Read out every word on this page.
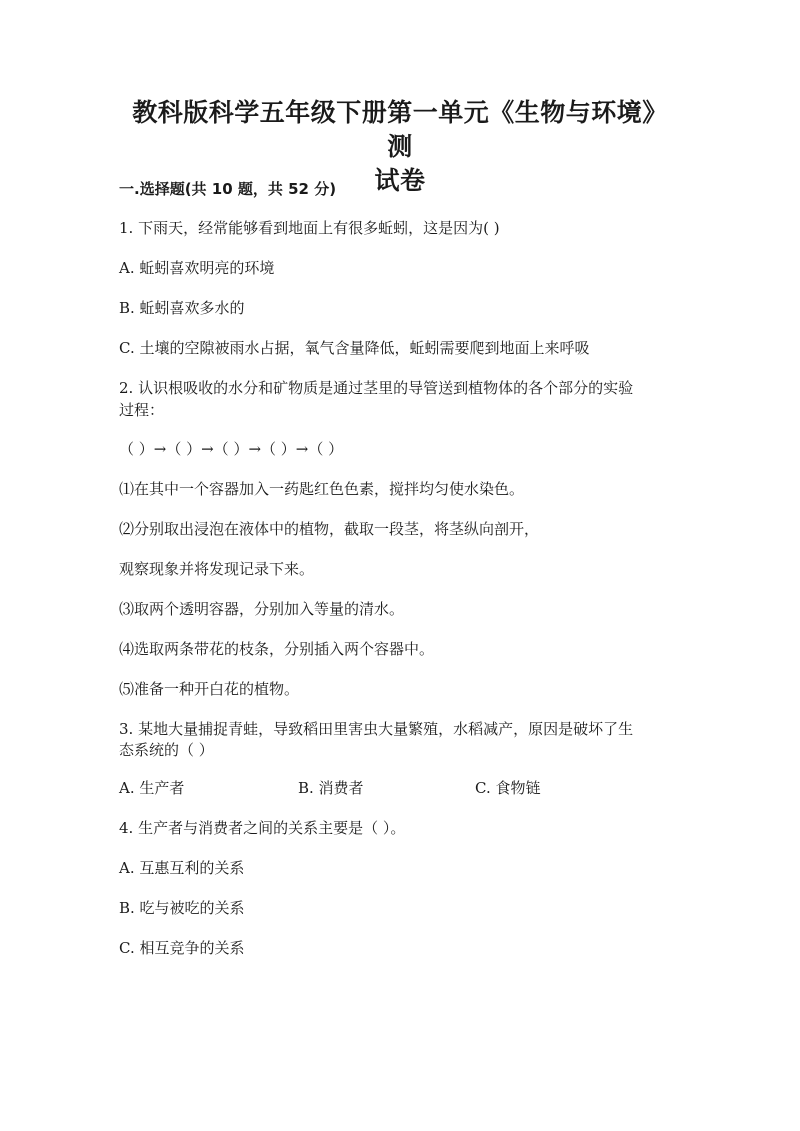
教科版科学五年级下册第一单元《生物与环境》测
试卷
一.选择题(共 10 题，共 52 分)
1. 下雨天，经常能够看到地面上有很多蚯蚓，这是因为( )
A. 蚯蚓喜欢明亮的环境
B. 蚯蚓喜欢多水的
C. 土壤的空隙被雨水占据，氧气含量降低，蚯蚓需要爬到地面上来呼吸
2. 认识根吸收的水分和矿物质是通过茎里的导管送到植物体的各个部分的实验
过程：
（ ）→（ ）→（ ）→（ ）→（ ）
⑴在其中一个容器加入一药匙红色色素，搅拌均匀使水染色。
⑵分别取出浸泡在液体中的植物，截取一段茎，将茎纵向剖开，
观察现象并将发现记录下来。
⑶取两个透明容器，分别加入等量的清水。
⑷选取两条带花的枝条，分别插入两个容器中。
⑸准备一种开白花的植物。
3. 某地大量捕捉青蛙，导致稻田里害虫大量繁殖，水稻减产，原因是破坏了生
态系统的（ ）
A. 生产者	B. 消费者	C. 食物链
4. 生产者与消费者之间的关系主要是（ ）。
A. 互惠互利的关系
B. 吃与被吃的关系
C. 相互竞争的关系
